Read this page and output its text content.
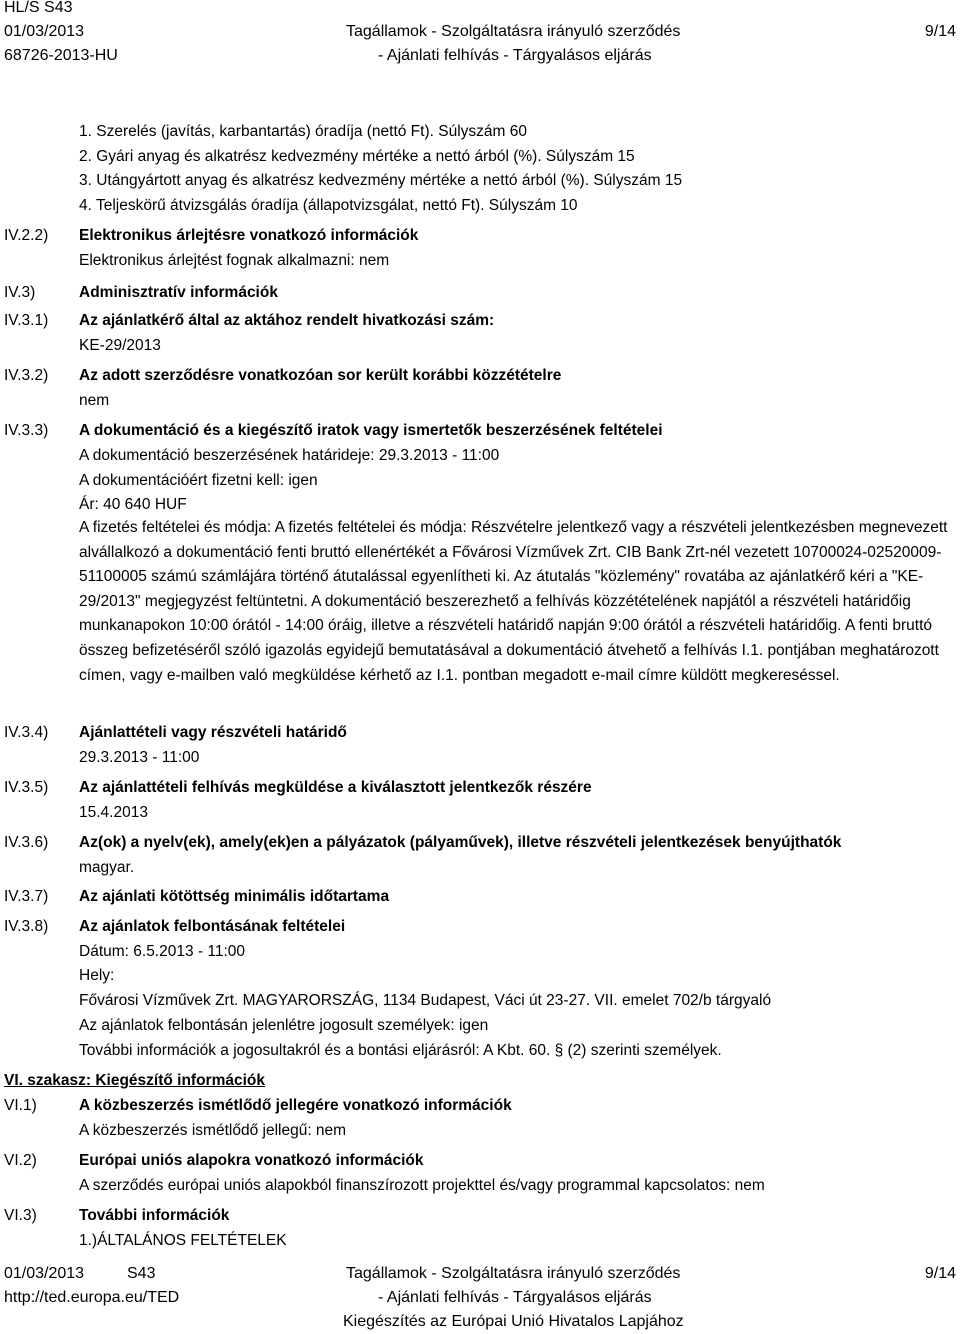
HL/S S43
01/03/2013
68726-2013-HU
Tagállamok - Szolgáltatásra irányuló szerződés
- Ajánlati felhívás - Tárgyalásos eljárás
9/14
1. Szerelés (javítás, karbantartás) óradíja (nettó Ft). Súlyszám 60
2. Gyári anyag és alkatrész kedvezmény mértéke a nettó árból (%). Súlyszám 15
3. Utángyártott anyag és alkatrész kedvezmény mértéke a nettó árból (%). Súlyszám 15
4. Teljeskörű átvizsgálás óradíja (állapotvizsgálat, nettó Ft). Súlyszám 10
IV.2.2) Elektronikus árlejtésre vonatkozó információk
Elektronikus árlejtést fognak alkalmazni: nem
IV.3)	Adminisztratív információk
IV.3.1) Az ajánlatkérő által az aktához rendelt hivatkozási szám:
KE-29/2013
IV.3.2) Az adott szerződésre vonatkozóan sor került korábbi közzétételre
nem
IV.3.3) A dokumentáció és a kiegészítő iratok vagy ismertetők beszerzésének feltételei
A dokumentáció beszerzésének határideje: 29.3.2013 - 11:00
A dokumentációért fizetni kell: igen
Ár: 40 640 HUF
A fizetés feltételei és módja: A fizetés feltételei és módja: Részvételre jelentkező vagy a részvételi jelentkezésben megnevezett alvállalkozó a dokumentáció fenti bruttó ellenértékét a Fővárosi Vízművek Zrt. CIB Bank Zrt-nél vezetett 10700024-02520009-51100005 számú számlájára történő átutalással egyenlítheti ki. Az átutalás "közlemény" rovatába az ajánlatkérő kéri a "KE-29/2013" megjegyzést feltüntetni. A dokumentáció beszerezhető a felhívás közzétételének napjától a részvételi határidőig munkanapokon 10:00 órától - 14:00 óráig, illetve a részvételi határidő napján 9:00 órától a részvételi határidőig. A fenti bruttó összeg befizetéséről szóló igazolás egyidejű bemutatásával a dokumentáció átvehető a felhívás I.1. pontjában meghatározott címen, vagy e-mailben való megküldése kérhető az I.1. pontban megadott e-mail címre küldött megkereséssel.
IV.3.4) Ajánlattételi vagy részvételi határidő
29.3.2013 - 11:00
IV.3.5) Az ajánlattételi felhívás megküldése a kiválasztott jelentkezők részére
15.4.2013
IV.3.6) Az(ok) a nyelv(ek), amely(ek)en a pályázatok (pályaművek), illetve részvételi jelentkezések benyújthatók
magyar.
IV.3.7) Az ajánlati kötöttség minimális időtartama
IV.3.8) Az ajánlatok felbontásának feltételei
Dátum: 6.5.2013 - 11:00
Hely:
Fővárosi Vízművek Zrt. MAGYARORSZÁG, 1134 Budapest, Váci út 23-27. VII. emelet 702/b tárgyaló
Az ajánlatok felbontásán jelenlétre jogosult személyek: igen
További információk a jogosultakról és a bontási eljárásról: A Kbt. 60. § (2) szerinti személyek.
VI. szakasz: Kiegészítő információk
VI.1)	A közbeszerzés ismétlődő jellegére vonatkozó információk
A közbeszerzés ismétlődő jellegű: nem
VI.2)	Európai uniós alapokra vonatkozó információk
A szerződés európai uniós alapokból finanszírozott projekttel és/vagy programmal kapcsolatos: nem
VI.3)	További információk
1.)ÁLTALÁNOS FELTÉTELEK
01/03/2013	S43
http://ted.europa.eu/TED
Tagállamok - Szolgáltatásra irányuló szerződés
- Ajánlati felhívás - Tárgyalásos eljárás
Kiegészítés az Európai Unió Hivatalos Lapjához
9/14
